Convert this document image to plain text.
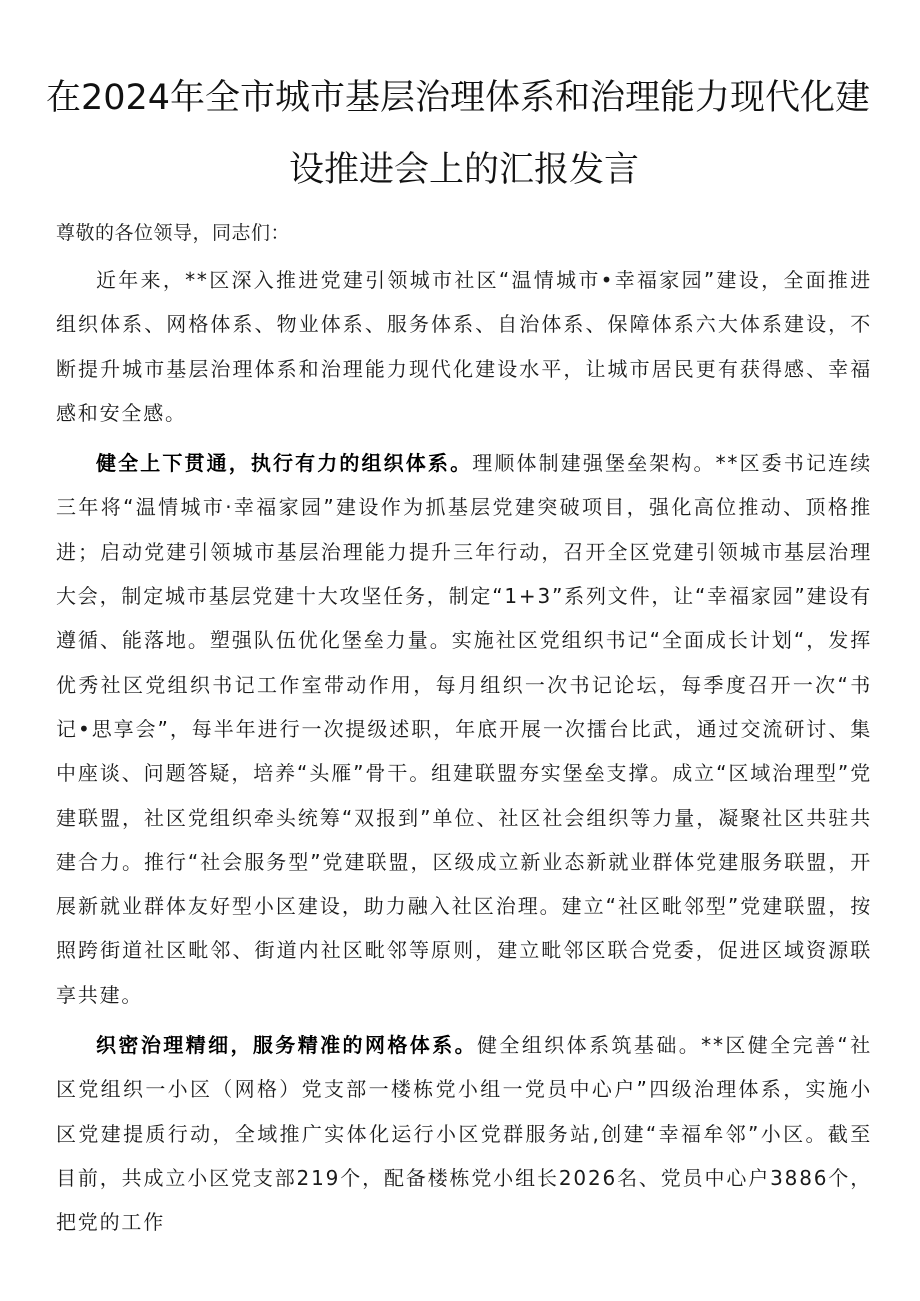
在2024年全市城市基层治理体系和治理能力现代化建
设推进会上的汇报发言

尊敬的各位领导，同志们：

近年来，**区深入推进党建引领城市社区“温情城市•幸福家园”建设，全面推进组织体系、网格体系、物业体系、服务体系、自治体系、保障体系六大体系建设，不断提升城市基层治理体系和治理能力现代化建设水平，让城市居民更有获得感、幸福感和安全感。

健全上下贯通，执行有力的组织体系。理顺体制建强堡垒架构。**区委书记连续三年将“温情城市·幸福家园”建设作为抓基层党建突破项目，强化高位推动、顶格推进；启动党建引领城市基层治理能力提升三年行动，召开全区党建引领城市基层治理大会，制定城市基层党建十大攻坚任务，制定“1+3”系列文件，让“幸福家园”建设有遵循、能落地。塑强队伍优化堡垒力量。实施社区党组织书记“全面成长计划“，发挥优秀社区党组织书记工作室带动作用，每月组织一次书记论坛，每季度召开一次“书记•思享会”，每半年进行一次提级述职，年底开展一次擂台比武，通过交流研讨、集中座谈、问题答疑，培养“头雁”骨干。组建联盟夯实堡垒支撑。成立“区域治理型”党建联盟，社区党组织牵头统筹“双报到”单位、社区社会组织等力量，凝聚社区共驻共建合力。推行“社会服务型”党建联盟，区级成立新业态新就业群体党建服务联盟，开展新就业群体友好型小区建设，助力融入社区治理。建立“社区毗邻型”党建联盟，按照跨街道社区毗邻、街道内社区毗邻等原则，建立毗邻区联合党委，促进区域资源联享共建。

织密治理精细，服务精准的网格体系。健全组织体系筑基础。**区健全完善“社区党组织一小区（网格）党支部一楼栋党小组一党员中心户”四级治理体系，实施小区党建提质行动，全域推广实体化运行小区党群服务站,创建“幸福牟邻”小区。截至目前，共成立小区党支部219个，配备楼栋党小组长2026名、党员中心户3886个，把党的工作
